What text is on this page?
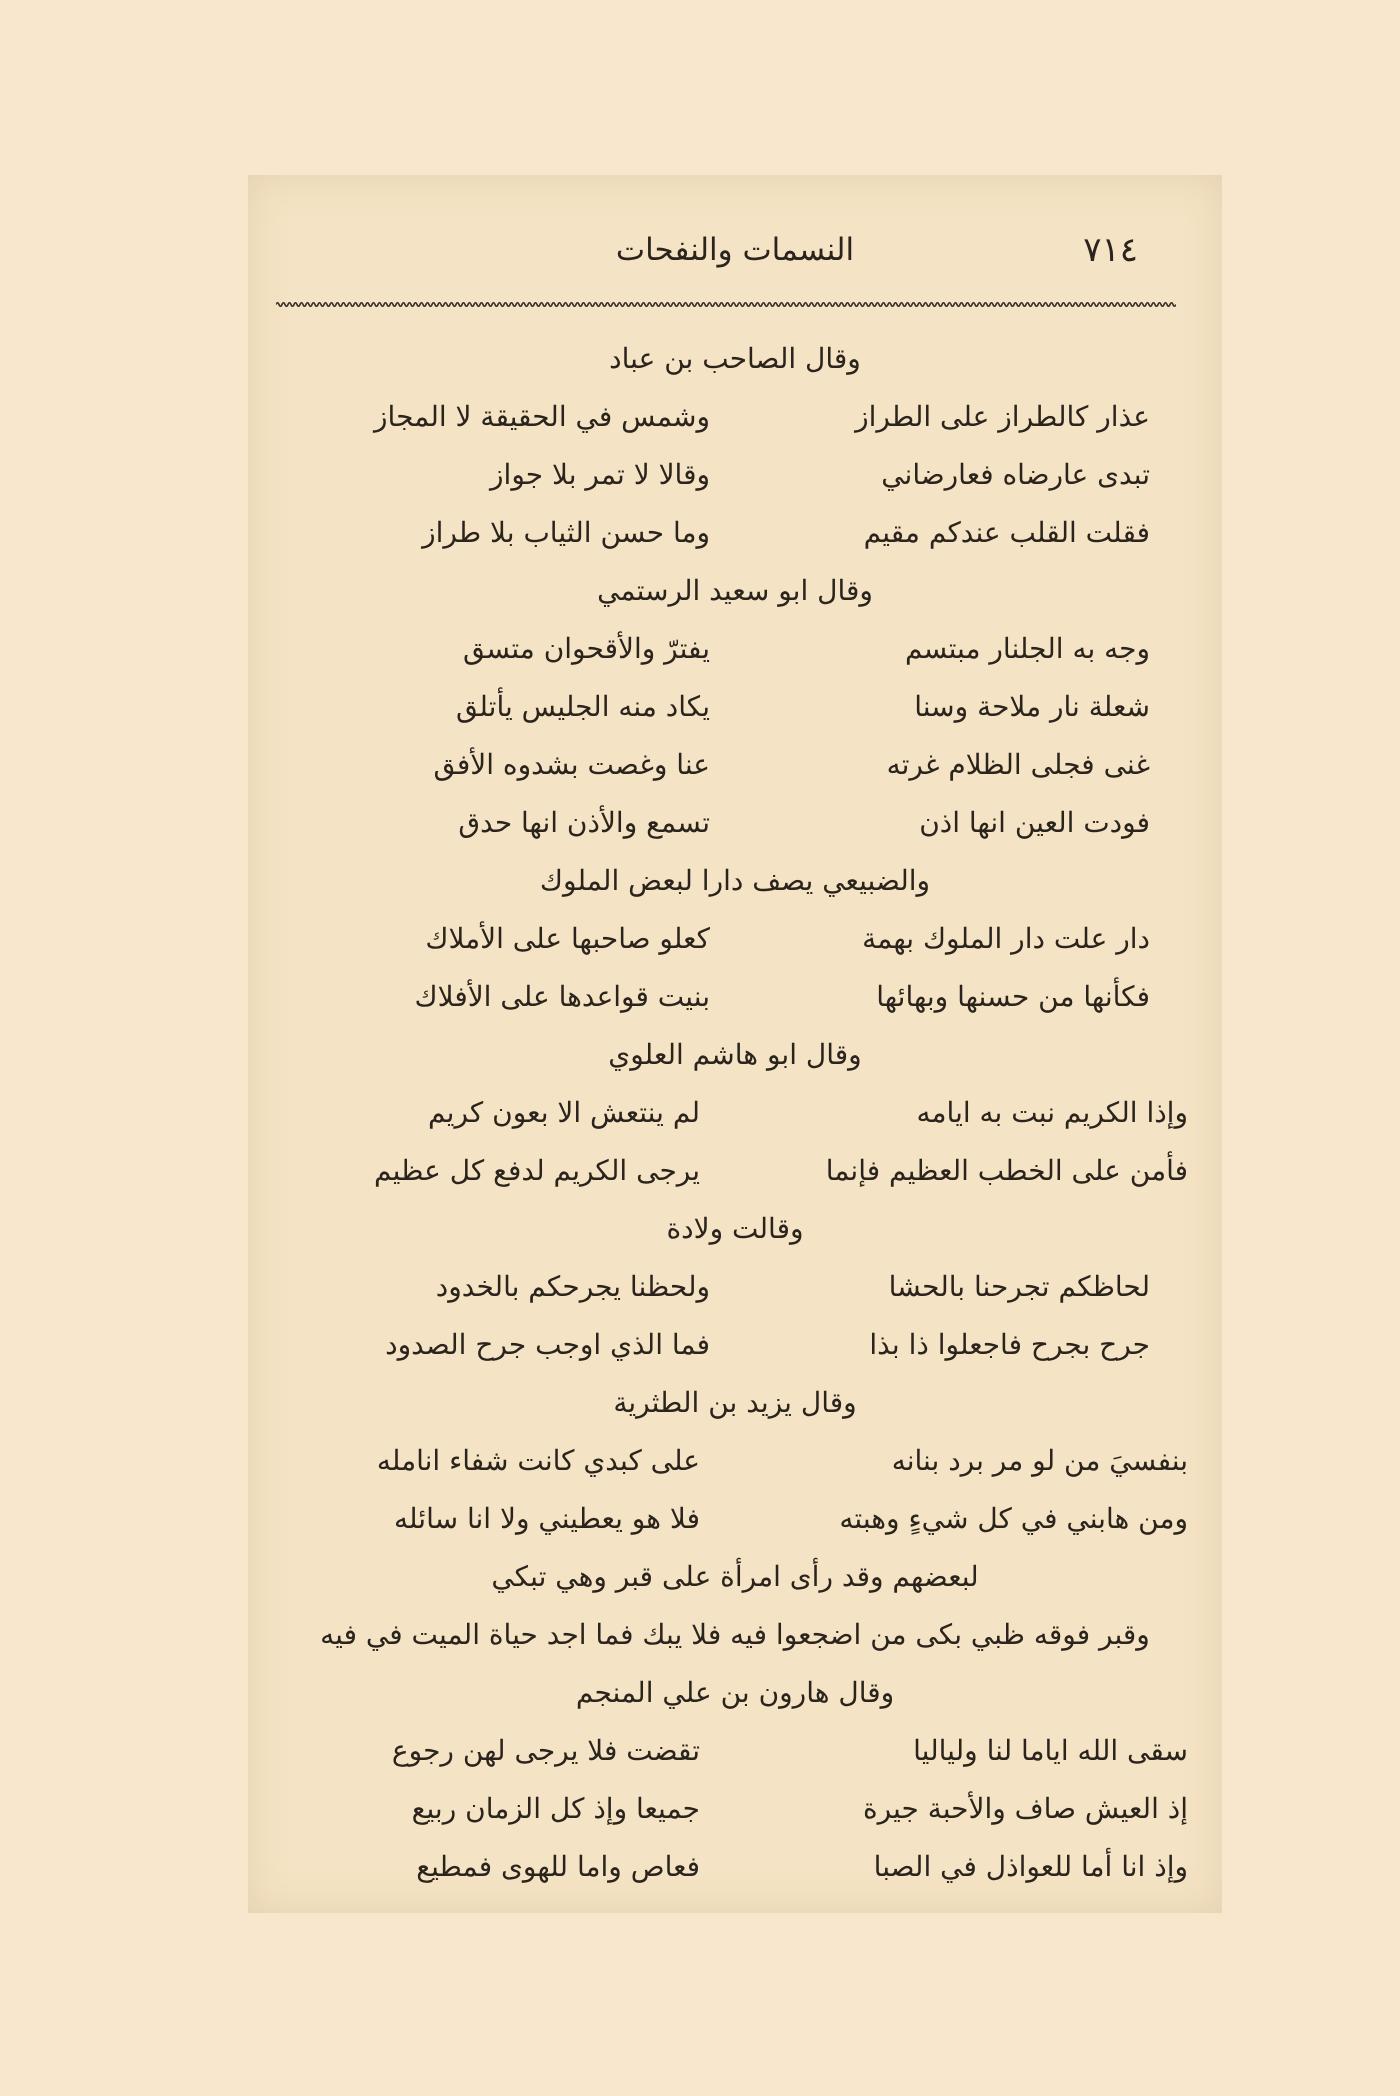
٧١٤
النسمات والنفحات
وقال الصاحب بن عباد
عذار كالطراز على الطراز
وشمس في الحقيقة لا المجاز
تبدى عارضاه فعارضاني
وقالا لا تمر بلا جواز
فقلت القلب عندكم مقيم
وما حسن الثياب بلا طراز
وقال ابو سعيد الرستمي
وجه به الجلنار مبتسم
يفترّ والأقحوان متسق
شعلة نار ملاحة وسنا
يكاد منه الجليس يأتلق
غنى فجلى الظلام غرته
عنا وغصت بشدوه الأفق
فودت العين انها اذن
تسمع والأذن انها حدق
والضبيعي يصف دارا لبعض الملوك
دار علت دار الملوك بهمة
كعلو صاحبها على الأملاك
فكأنها من حسنها وبهائها
بنيت قواعدها على الأفلاك
وقال ابو هاشم العلوي
وإذا الكريم نبت به ايامه
لم ينتعش الا بعون كريم
فأمن على الخطب العظيم فإنما
يرجى الكريم لدفع كل عظيم
وقالت ولادة
لحاظكم تجرحنا بالحشا
ولحظنا يجرحكم بالخدود
جرح بجرح فاجعلوا ذا بذا
فما الذي اوجب جرح الصدود
وقال يزيد بن الطثرية
بنفسيَ من لو مر برد بنانه
على كبدي كانت شفاء انامله
ومن هابني في كل شيءٍ وهبته
فلا هو يعطيني ولا انا سائله
لبعضهم وقد رأى امرأة على قبر وهي تبكي
وقبر فوقه ظبي بكى من اضجعوا فيه فلا يبك فما اجد حياة الميت في فيه
وقال هارون بن علي المنجم
سقى الله اياما لنا ولياليا
تقضت فلا يرجى لهن رجوع
إذ العيش صاف والأحبة جيرة
جميعا وإذ كل الزمان ربيع
وإذ انا أما للعواذل في الصبا
فعاص واما للهوى فمطيع
